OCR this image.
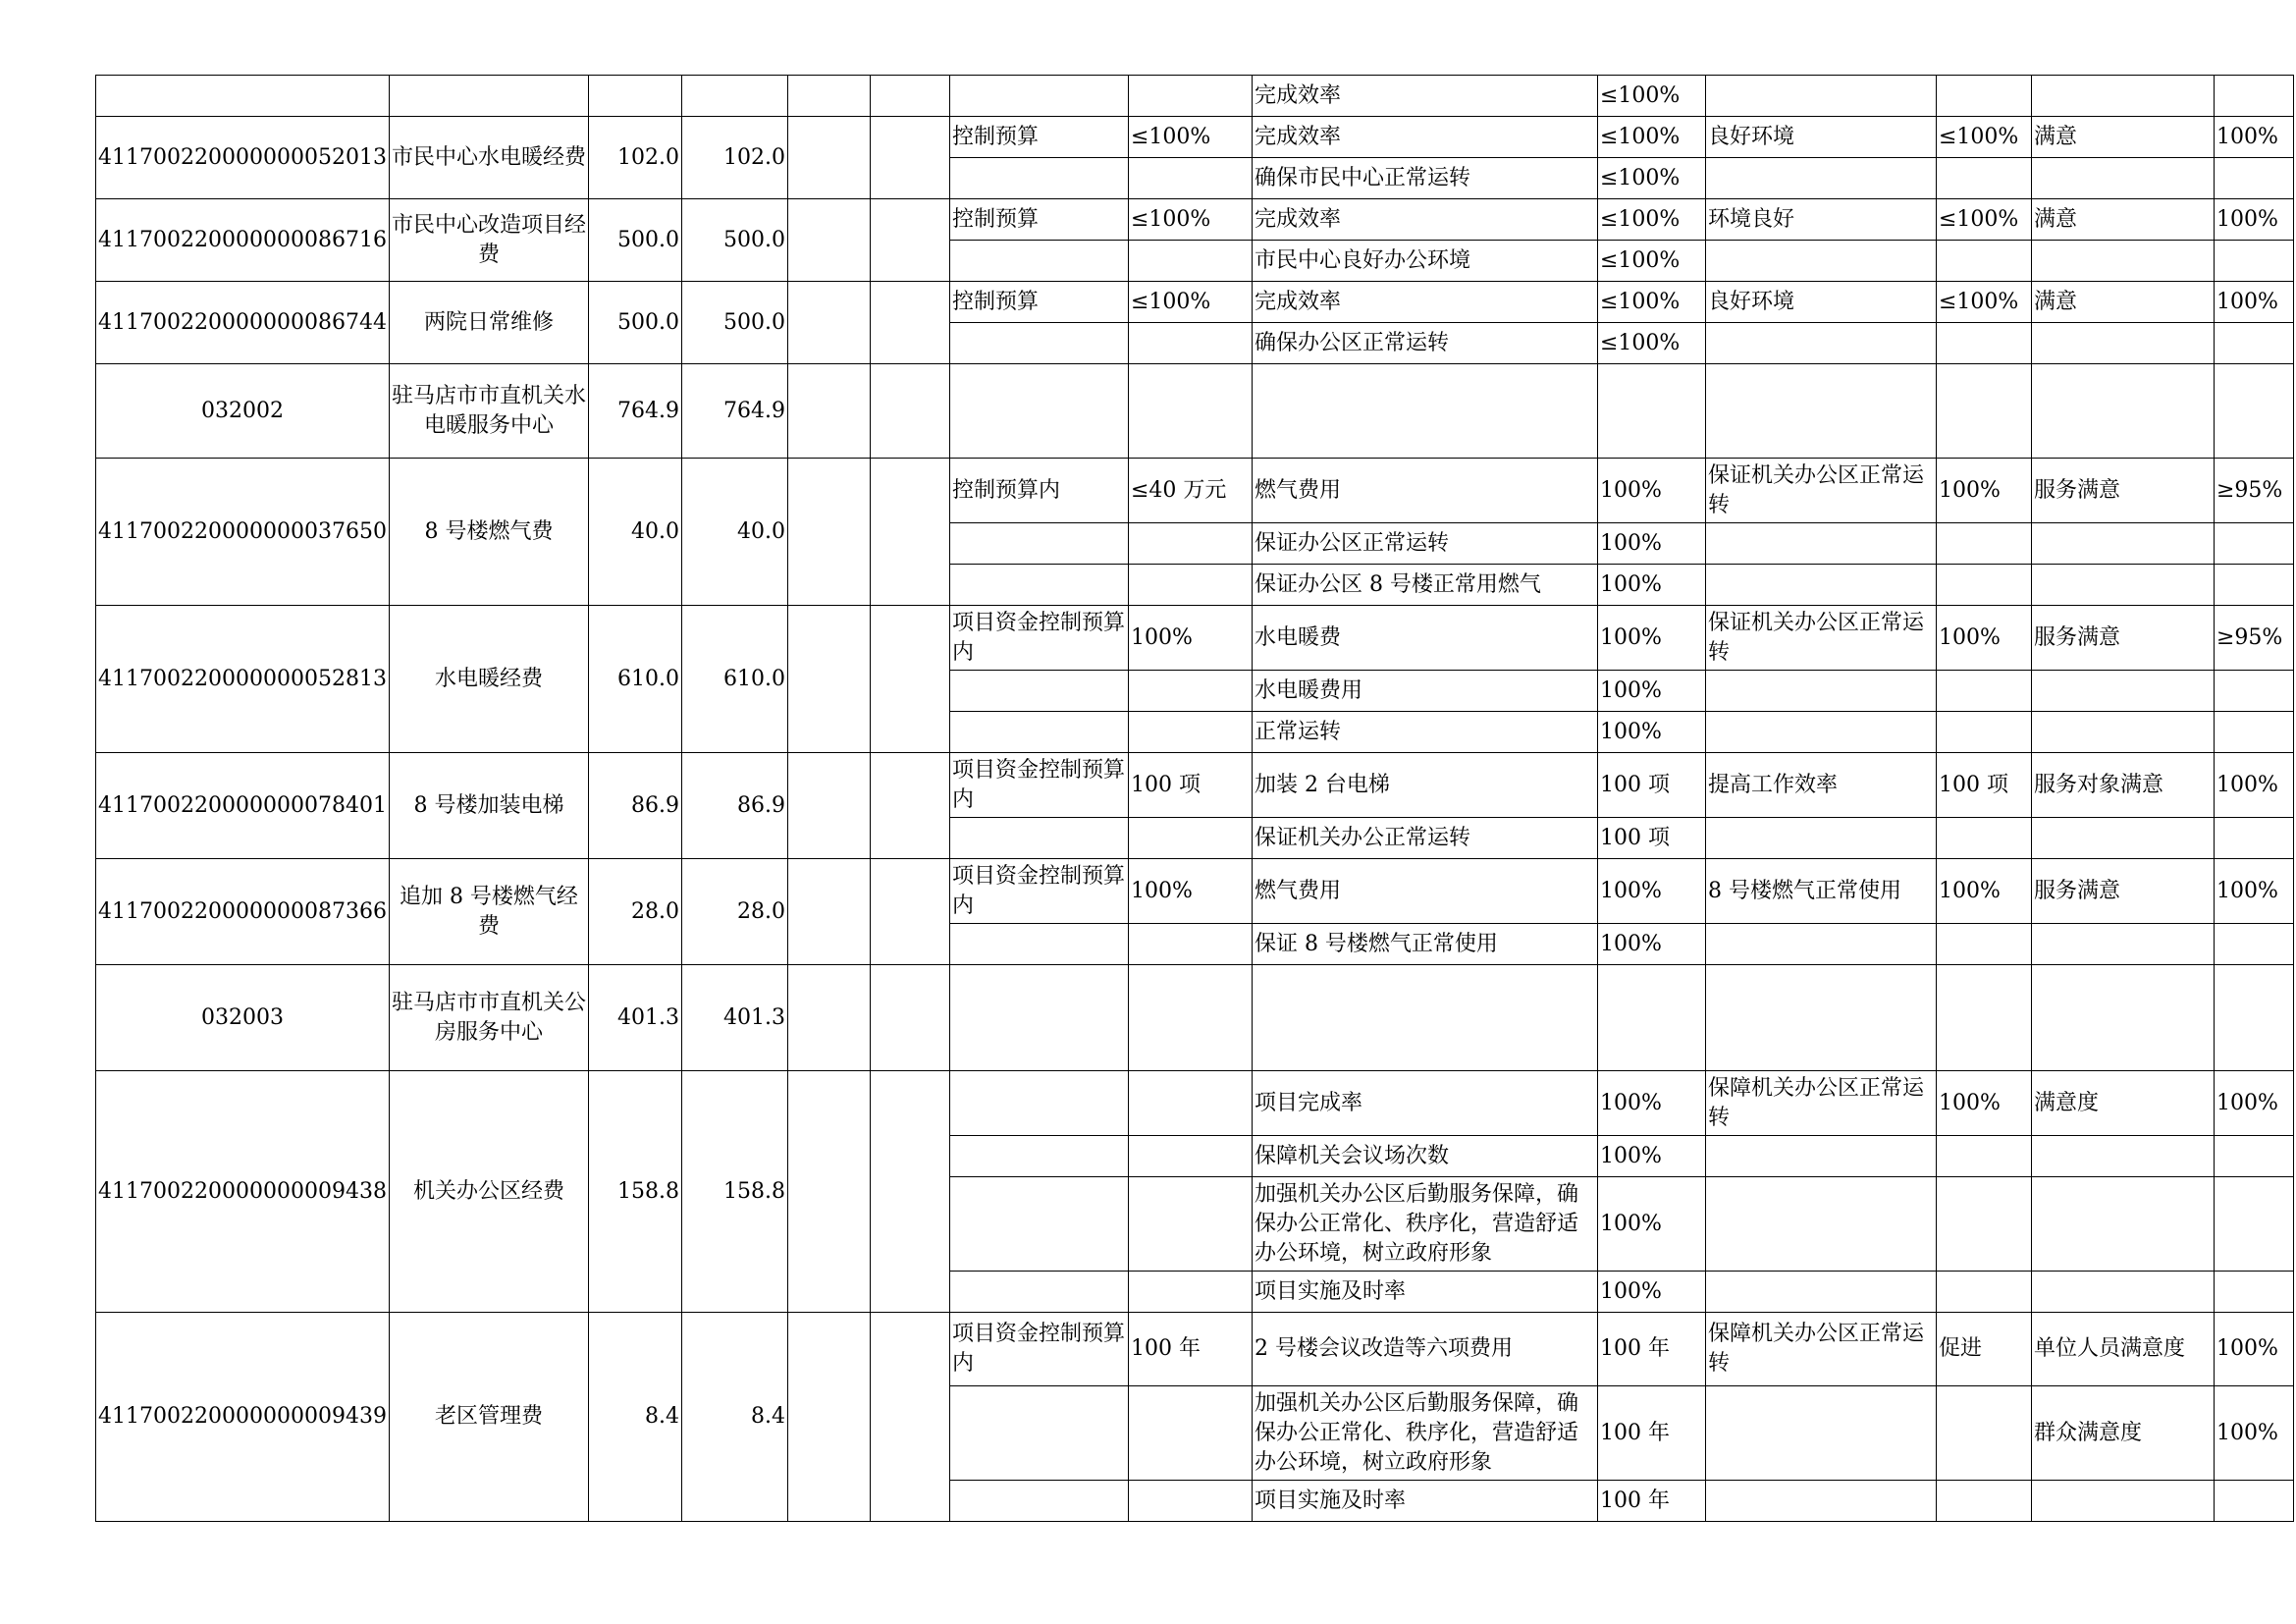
								完成效率	≤100%				
411700220000000052013	市民中心水电暖经费	102.0	102.0			控制预算	≤100%	完成效率	≤100%	良好环境	≤100%	满意	100%
								确保市民中心正常运转	≤100%				
411700220000000086716	市民中心改造项目经费	500.0	500.0			控制预算	≤100%	完成效率	≤100%	环境良好	≤100%	满意	100%
								市民中心良好办公环境	≤100%				
411700220000000086744	两院日常维修	500.0	500.0			控制预算	≤100%	完成效率	≤100%	良好环境	≤100%	满意	100%
								确保办公区正常运转	≤100%				
032002	驻马店市市直机关水电暖服务中心	764.9	764.9										
411700220000000037650	8 号楼燃气费	40.0	40.0			控制预算内	≤40 万元	燃气费用	100%	保证机关办公区正常运转	100%	服务满意	≥95%
								保证办公区正常运转	100%				
								保证办公区 8 号楼正常用燃气	100%				
411700220000000052813	水电暖经费	610.0	610.0			项目资金控制预算内	100%	水电暖费	100%	保证机关办公区正常运转	100%	服务满意	≥95%
								水电暖费用	100%				
								正常运转	100%				
411700220000000078401	8 号楼加装电梯	86.9	86.9			项目资金控制预算内	100 项	加装 2 台电梯	100 项	提高工作效率	100 项	服务对象满意	100%
								保证机关办公正常运转	100 项				
411700220000000087366	追加 8 号楼燃气经费	28.0	28.0			项目资金控制预算内	100%	燃气费用	100%	8 号楼燃气正常使用	100%	服务满意	100%
								保证 8 号楼燃气正常使用	100%				
032003	驻马店市市直机关公房服务中心	401.3	401.3										
411700220000000009438	机关办公区经费	158.8	158.8					项目完成率	100%	保障机关办公区正常运转	100%	满意度	100%
								保障机关会议场次数	100%				
								加强机关办公区后勤服务保障，确保办公正常化、秩序化，营造舒适办公环境，树立政府形象	100%				
								项目实施及时率	100%				
411700220000000009439	老区管理费	8.4	8.4			项目资金控制预算内	100 年	2 号楼会议改造等六项费用	100 年	保障机关办公区正常运转	促进	单位人员满意度	100%
								加强机关办公区后勤服务保障，确保办公正常化、秩序化，营造舒适办公环境，树立政府形象	100 年			群众满意度	100%
								项目实施及时率	100 年				
